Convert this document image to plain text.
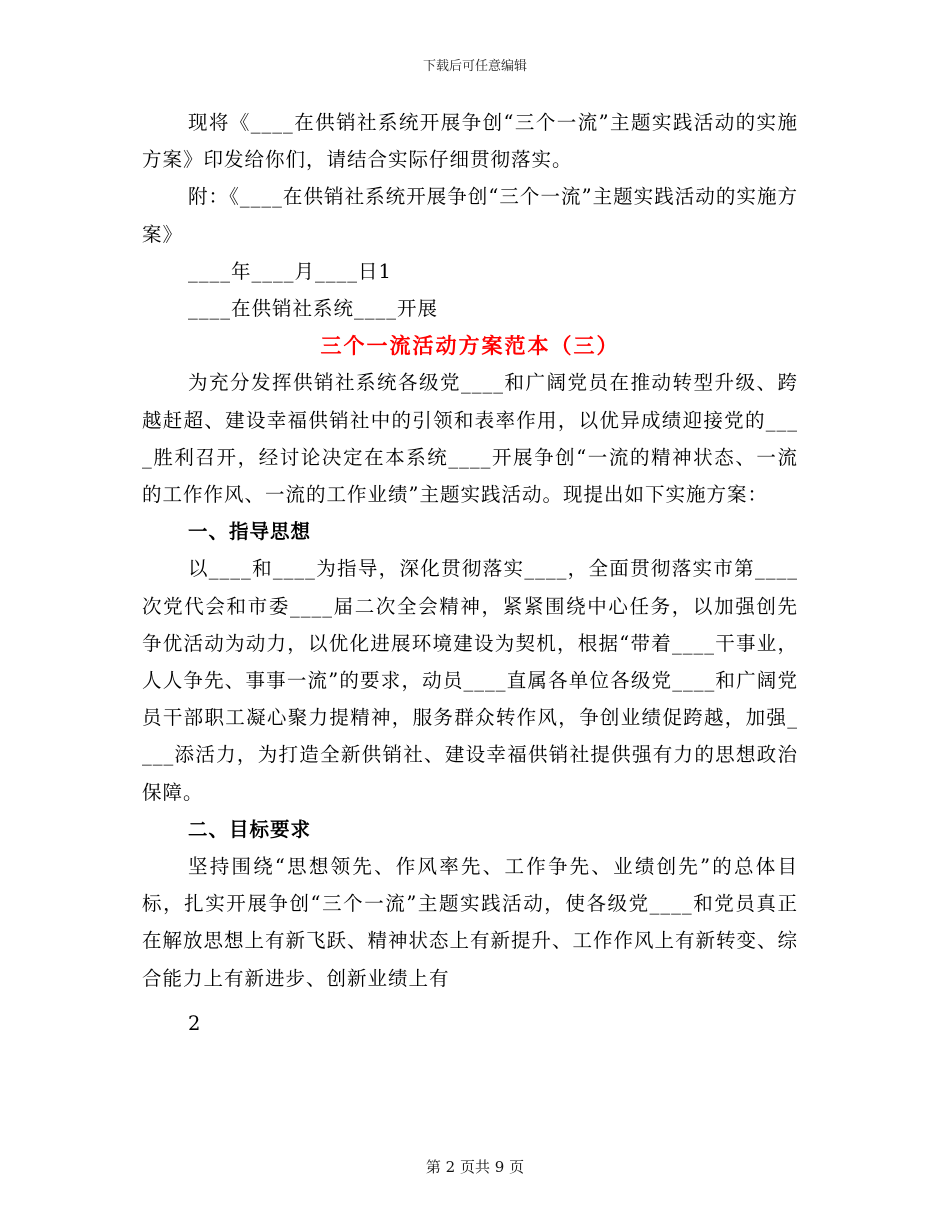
下载后可任意编辑

现将《____在供销社系统开展争创“三个一流”主题实践活动的实施方案》印发给你们，请结合实际仔细贯彻落实。

附：《____在供销社系统开展争创“三个一流”主题实践活动的实施方案》

____年____月____日1

____在供销社系统____开展

三个一流活动方案范本（三）

为充分发挥供销社系统各级党____和广阔党员在推动转型升级、跨越赶超、建设幸福供销社中的引领和表率作用，以优异成绩迎接党的____胜利召开，经讨论决定在本系统____开展争创“一流的精神状态、一流的工作作风、一流的工作业绩”主题实践活动。现提出如下实施方案：

一、指导思想

以____和____为指导，深化贯彻落实____，全面贯彻落实市第____次党代会和市委____届二次全会精神，紧紧围绕中心任务，以加强创先争优活动为动力，以优化进展环境建设为契机，根据“带着____干事业，人人争先、事事一流”的要求，动员____直属各单位各级党____和广阔党员干部职工凝心聚力提精神，服务群众转作风，争创业绩促跨越，加强____添活力，为打造全新供销社、建设幸福供销社提供强有力的思想政治保障。

二、目标要求

坚持围绕“思想领先、作风率先、工作争先、业绩创先”的总体目标，扎实开展争创“三个一流”主题实践活动，使各级党____和党员真正在解放思想上有新飞跃、精神状态上有新提升、工作作风上有新转变、综合能力上有新进步、创新业绩上有

2

第 2 页共 9 页
